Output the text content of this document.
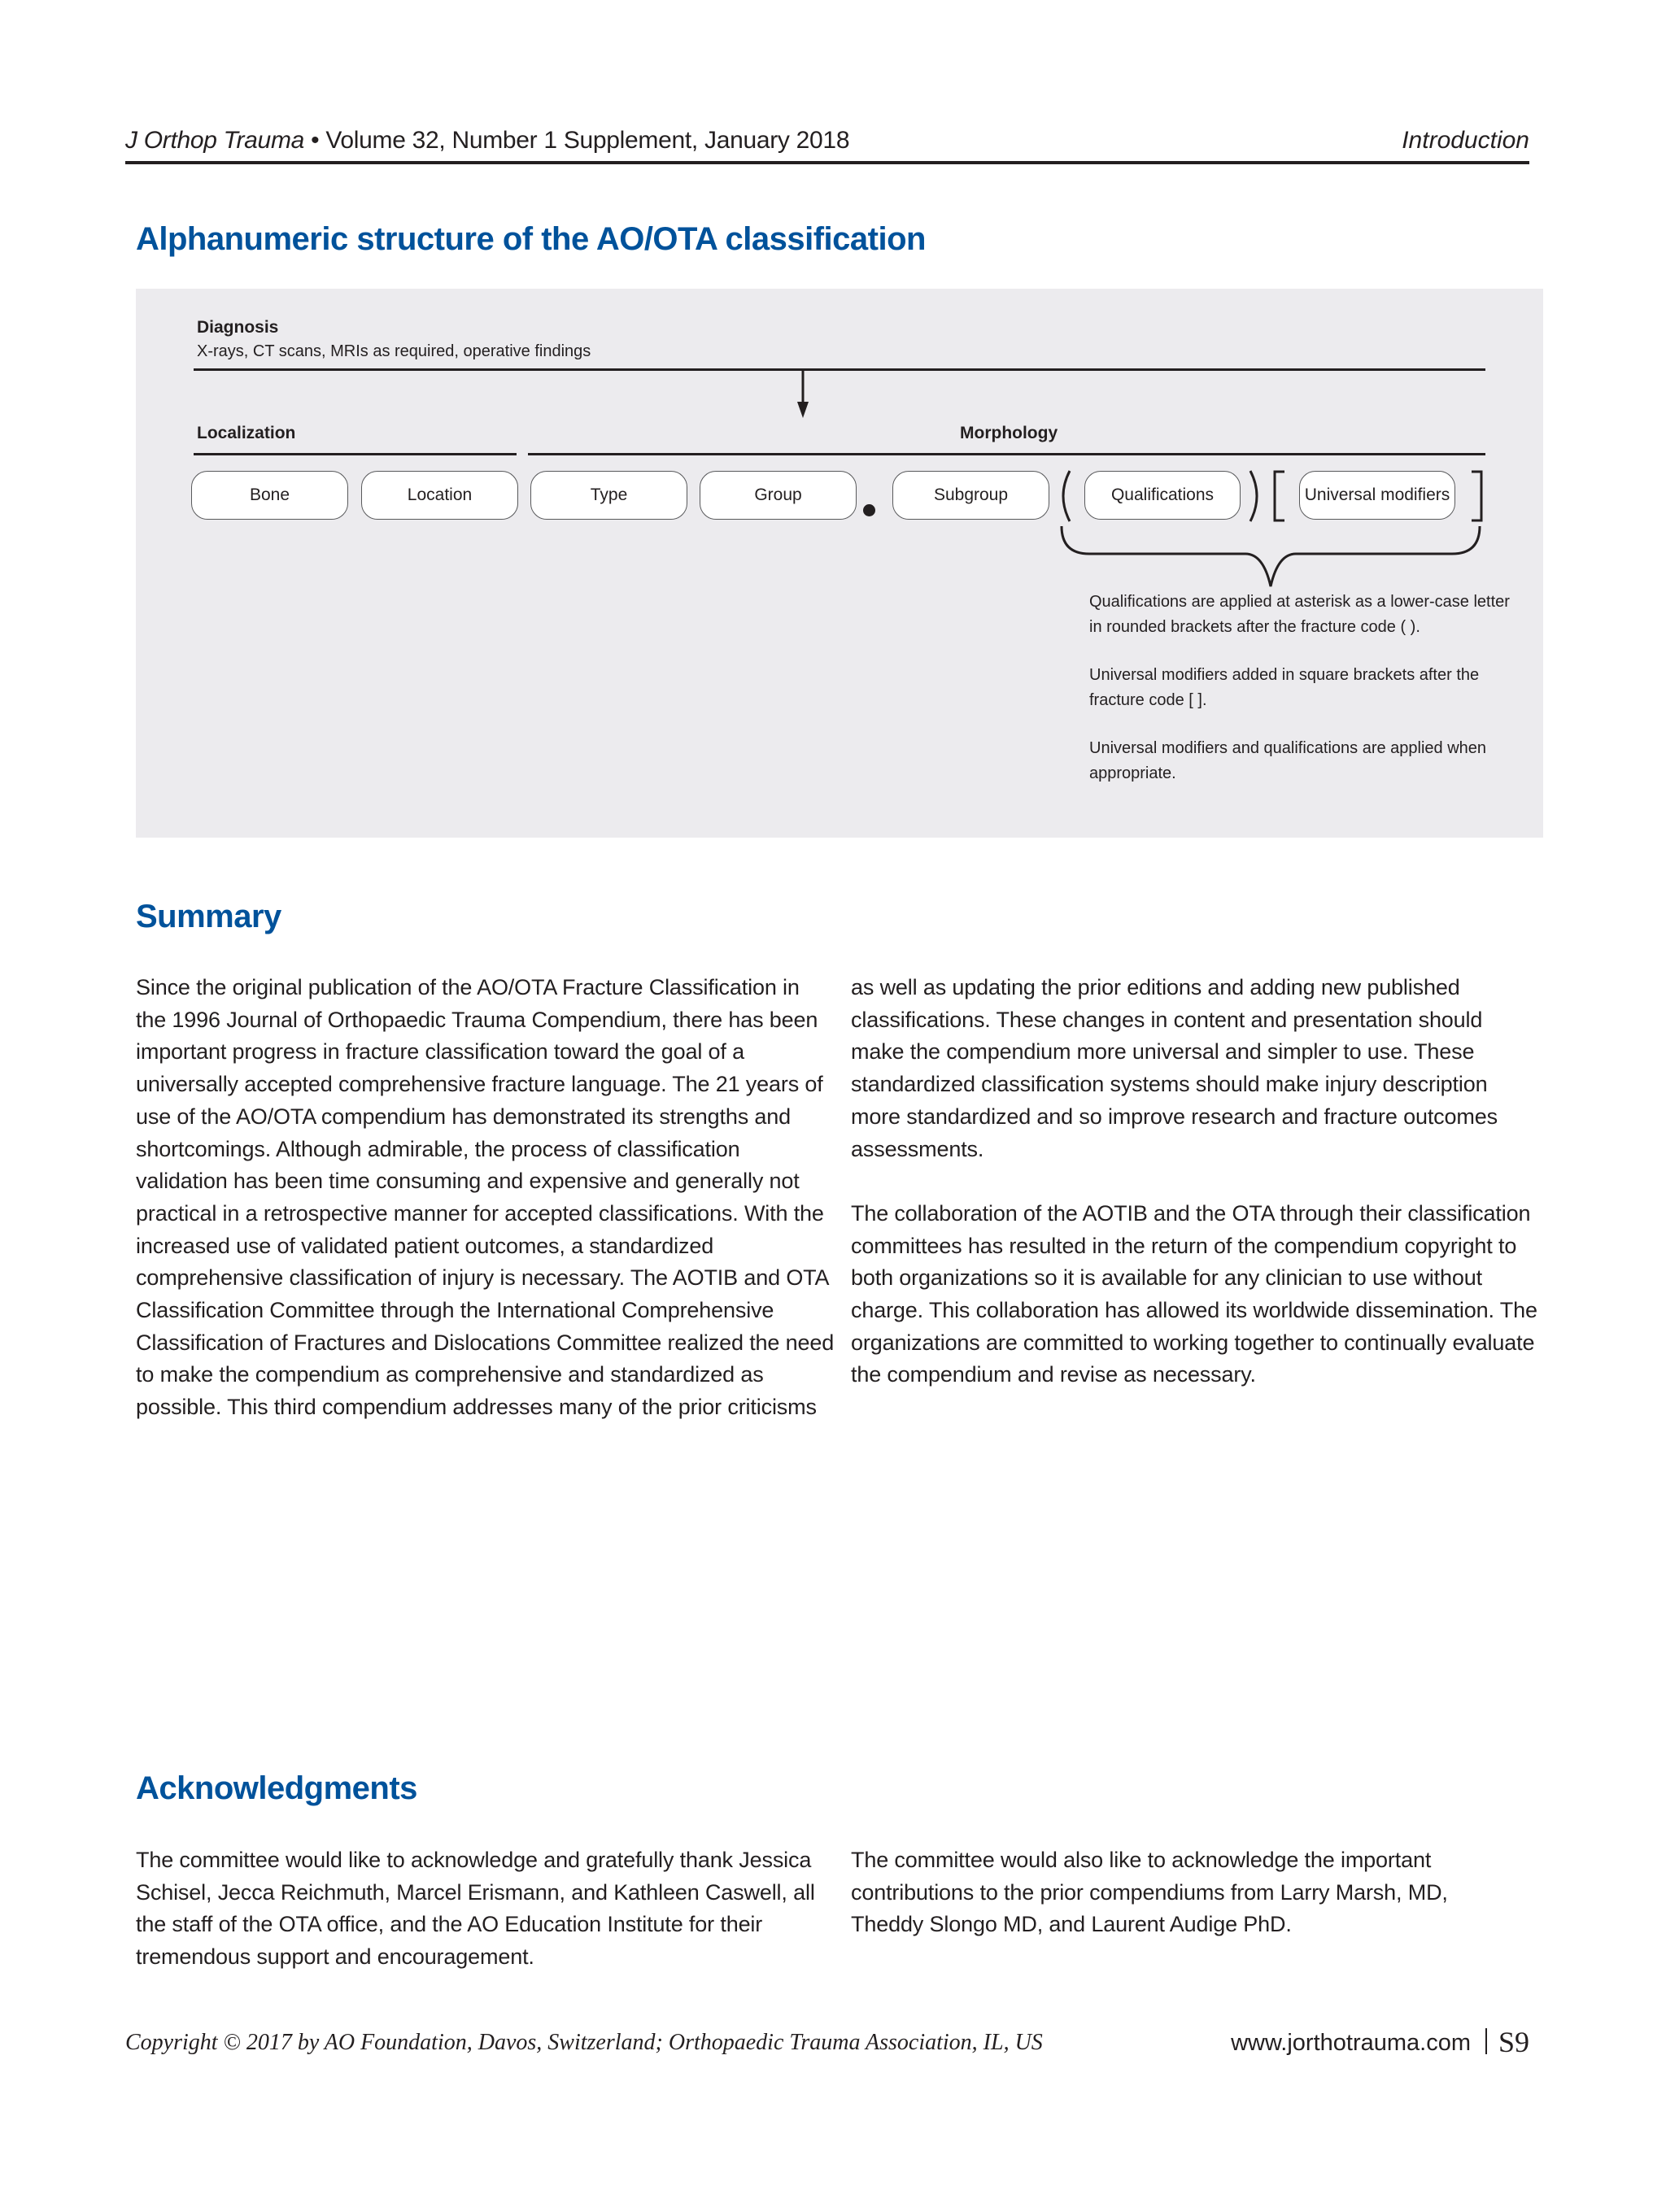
J Orthop Trauma • Volume 32, Number 1 Supplement, January 2018	Introduction
Alphanumeric structure of the AO/OTA classification
Diagnosis
X-rays, CT scans, MRIs as required, operative findings
Localization	Morphology
Bone	Location	Type	Group	Subgroup	Qualifications	Universal modifiers
Qualifications are applied at asterisk as a lower-case letter in rounded brackets after the fracture code ( ).
Universal modifiers added in square brackets after the fracture code [ ].
Universal modifiers and qualifications are applied when appropriate.
Summary

Since the original publication of the AO/OTA Fracture Classification in the 1996 Journal of Orthopaedic Trauma Compendium, there has been important progress in fracture classification toward the goal of a universally accepted comprehensive fracture language. The 21 years of use of the AO/OTA compendium has demonstrated its strengths and shortcomings. Although admirable, the process of classification validation has been time consuming and expensive and generally not practical in a retrospective manner for accepted classifications. With the increased use of validated patient outcomes, a standardized comprehensive classification of injury is necessary. The AOTIB and OTA Classification Committee through the International Comprehensive Classification of Fractures and Dislocations Committee realized the need to make the compendium as comprehensive and standardized as possible. This third compendium addresses many of the prior criticisms

as well as updating the prior editions and adding new published classifications. These changes in content and presentation should make the compendium more universal and simpler to use. These standardized classification systems should make injury description more standardized and so improve research and fracture outcomes assessments.

The collaboration of the AOTIB and the OTA through their classification committees has resulted in the return of the compendium copyright to both organizations so it is available for any clinician to use without charge. This collaboration has allowed its worldwide dissemination. The organizations are committed to working together to continually evaluate the compendium and revise as necessary.

Acknowledgments

The committee would like to acknowledge and gratefully thank Jessica Schisel, Jecca Reichmuth, Marcel Erismann, and Kathleen Caswell, all the staff of the OTA office, and the AO Education Institute for their tremendous support and encouragement.

The committee would also like to acknowledge the important contributions to the prior compendiums from Larry Marsh, MD, Theddy Slongo MD, and Laurent Audige PhD.

Copyright © 2017 by AO Foundation, Davos, Switzerland; Orthopaedic Trauma Association, IL, US	www.jorthotrauma.com S9
